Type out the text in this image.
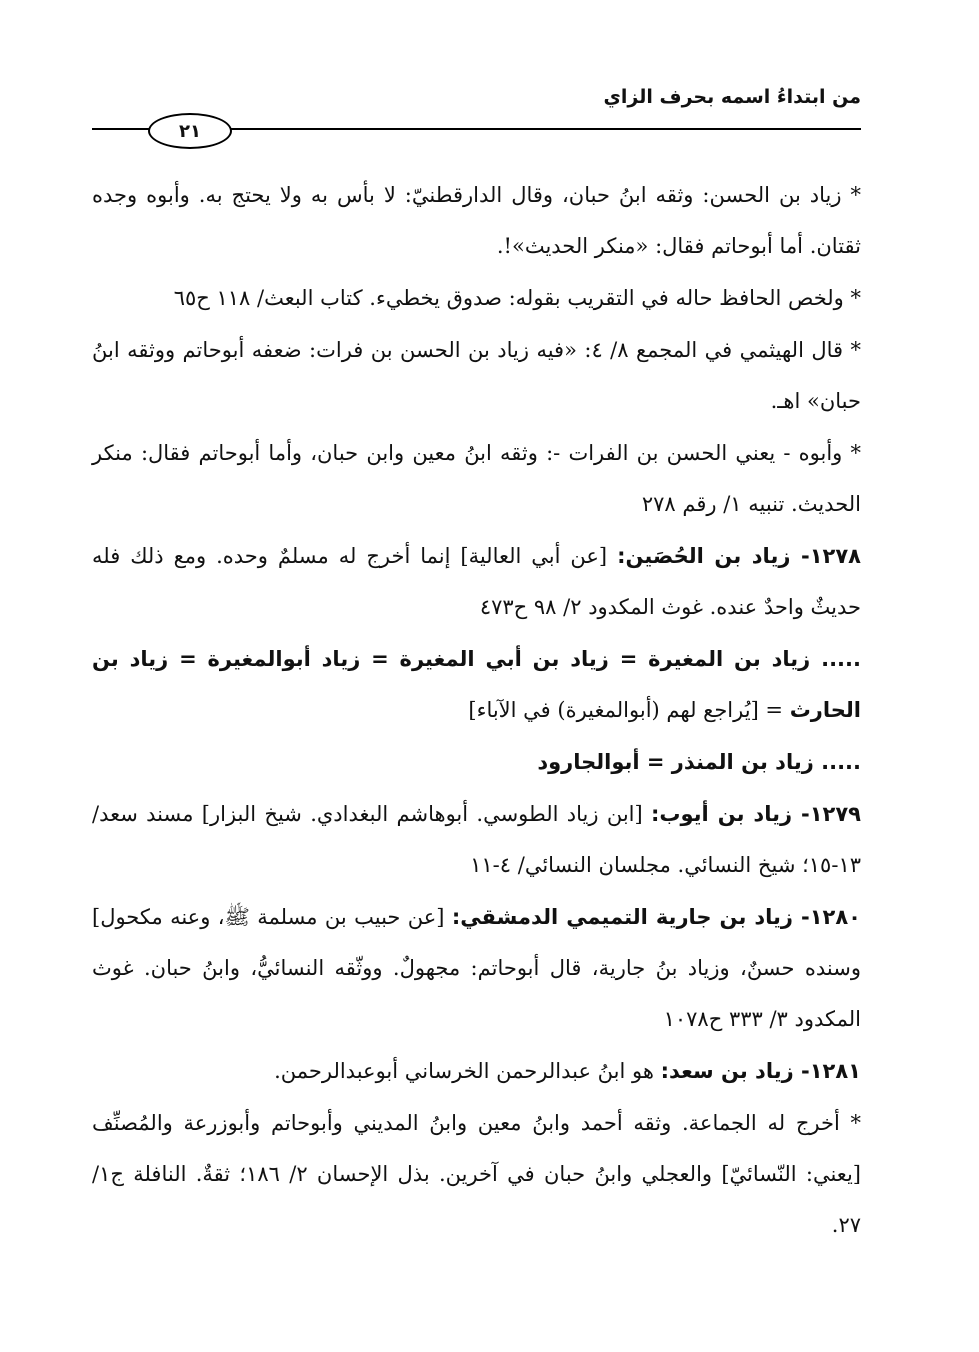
من ابتداءُ اسمه بحرف الزاي
٢١

* زياد بن الحسن: وثقه ابنُ حبان، وقال الدارقطنيّ: لا بأس به ولا يحتج به. وأبوه وجده ثقتان. أما أبوحاتم فقال: «منكر الحديث»!.

* ولخص الحافظ حاله في التقريب بقوله: صدوق يخطيء. كتاب البعث/ ١١٨ ح٦٥

* قال الهيثمي في المجمع ٨/ ٤: «فيه زياد بن الحسن بن فرات: ضعفه أبوحاتم ووثقه ابنُ حبان» اهـ.

* وأبوه - يعني الحسن بن الفرات -: وثقه ابنُ معين وابن حبان، وأما أبوحاتم فقال: منكر الحديث. تنبيه ١/ رقم ٢٧٨

١٢٧٨- زياد بن الحُصَين: [عن أبي العالية] إنما أخرج له مسلمٌ وحده. ومع ذلك فله حديثٌ واحدٌ عنده. غوث المكدود ٢/ ٩٨ ح٤٧٣

..... زياد بن المغيرة = زياد بن أبي المغيرة = زياد أبوالمغيرة = زياد بن الحارث = [يُراجع لهم (أبوالمغيرة) في الآباء]

..... زياد بن المنذر = أبوالجارود

١٢٧٩- زياد بن أيوب: [ابن زياد الطوسي. أبوهاشم البغدادي. شيخ البزار] مسند سعد/ ١٣-١٥؛ شيخ النسائي. مجلسان النسائي/ ٤-١١

١٢٨٠- زياد بن جارية التميمي الدمشقي: [عن حبيب بن مسلمة ﷺ، وعنه مكحول] وسنده حسنٌ، وزياد بنُ جارية، قال أبوحاتم: مجهولٌ. ووثّقه النسائيُّ، وابنُ حبان. غوث المكدود ٣/ ٣٣٣ ح١٠٧٨

١٢٨١- زياد بن سعد: هو ابنُ عبدالرحمن الخرساني أبوعبدالرحمن.

* أخرج له الجماعة. وثقه أحمد وابنُ معين وابنُ المديني وأبوحاتم وأبوزرعة والمُصنِّف [يعني: النّسائيّ] والعجلي وابنُ حبان في آخرين. بذل الإحسان ٢/ ١٨٦؛ ثقةٌ. النافلة ج١/ ٢٧.
